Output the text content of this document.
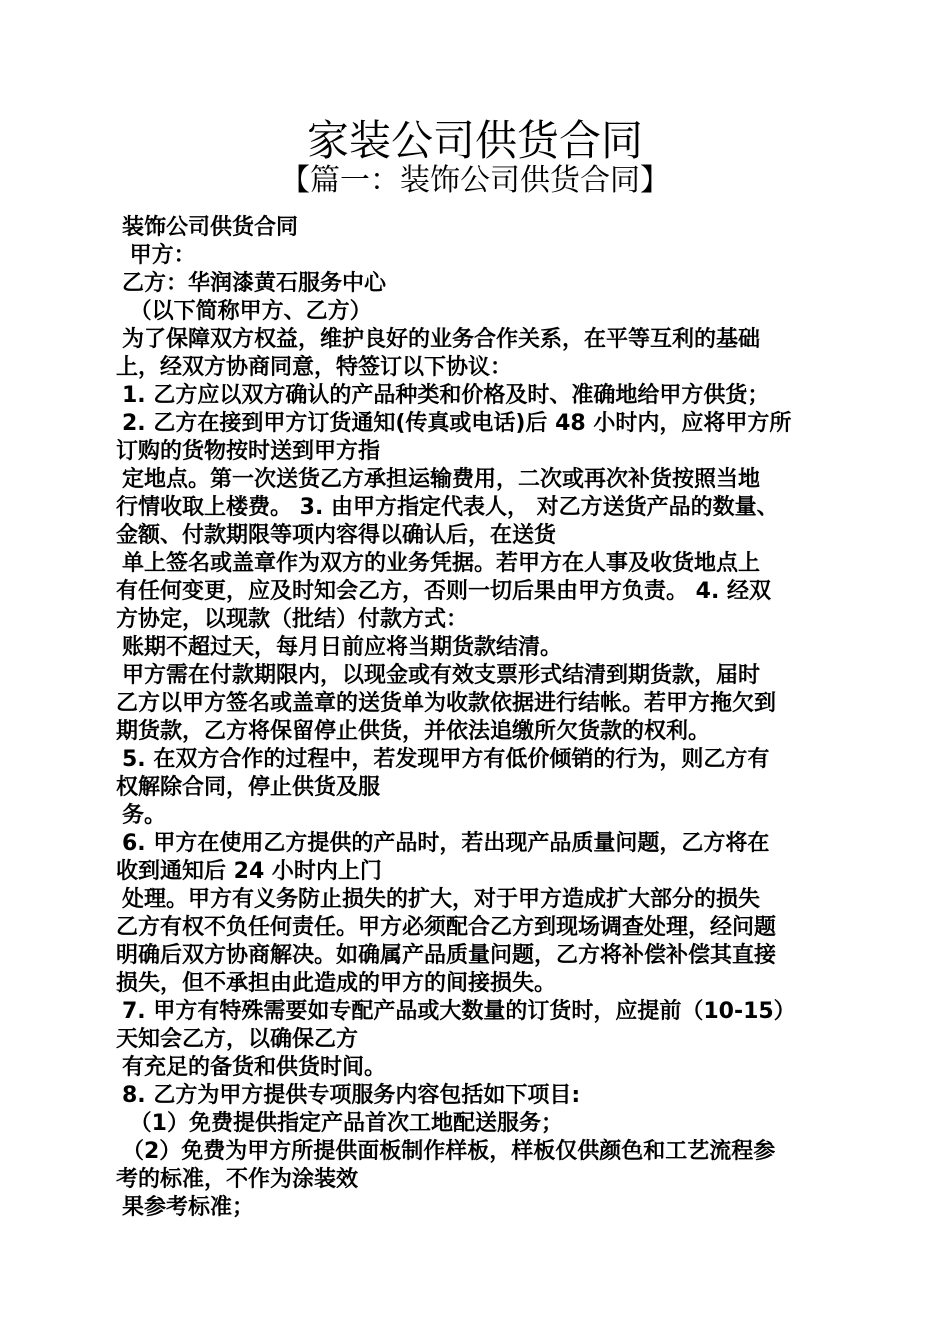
家装公司供货合同
【篇一：装饰公司供货合同】
装饰公司供货合同
甲方：
乙方：华润漆黄石服务中心
（以下简称甲方、乙方）
为了保障双方权益，维护良好的业务合作关系，在平等互利的基础
上，经双方协商同意，特签订以下协议：
1. 乙方应以双方确认的产品种类和价格及时、准确地给甲方供货；
2. 乙方在接到甲方订货通知(传真或电话)后 48 小时内，应将甲方所
订购的货物按时送到甲方指
定地点。第一次送货乙方承担运输费用，二次或再次补货按照当地
行情收取上楼费。 3. 由甲方指定代表人， 对乙方送货产品的数量、
金额、付款期限等项内容得以确认后，在送货
单上签名或盖章作为双方的业务凭据。若甲方在人事及收货地点上
有任何变更，应及时知会乙方，否则一切后果由甲方负责。 4. 经双
方协定，以现款（批结）付款方式：
账期不超过天，每月日前应将当期货款结清。
甲方需在付款期限内，以现金或有效支票形式结清到期货款，届时
乙方以甲方签名或盖章的送货单为收款依据进行结帐。若甲方拖欠到
期货款，乙方将保留停止供货，并依法追缴所欠货款的权利。
5. 在双方合作的过程中，若发现甲方有低价倾销的行为，则乙方有
权解除合同，停止供货及服
务。
6. 甲方在使用乙方提供的产品时，若出现产品质量问题，乙方将在
收到通知后 24 小时内上门
处理。甲方有义务防止损失的扩大，对于甲方造成扩大部分的损失
乙方有权不负任何责任。甲方必须配合乙方到现场调查处理，经问题
明确后双方协商解决。如确属产品质量问题，乙方将补偿补偿其直接
损失，但不承担由此造成的甲方的间接损失。
7. 甲方有特殊需要如专配产品或大数量的订货时，应提前（10-15）
天知会乙方，以确保乙方
有充足的备货和供货时间。
8. 乙方为甲方提供专项服务内容包括如下项目:
（1）免费提供指定产品首次工地配送服务；
（2）免费为甲方所提供面板制作样板，样板仅供颜色和工艺流程参
考的标准，不作为涂装效
果参考标准；
